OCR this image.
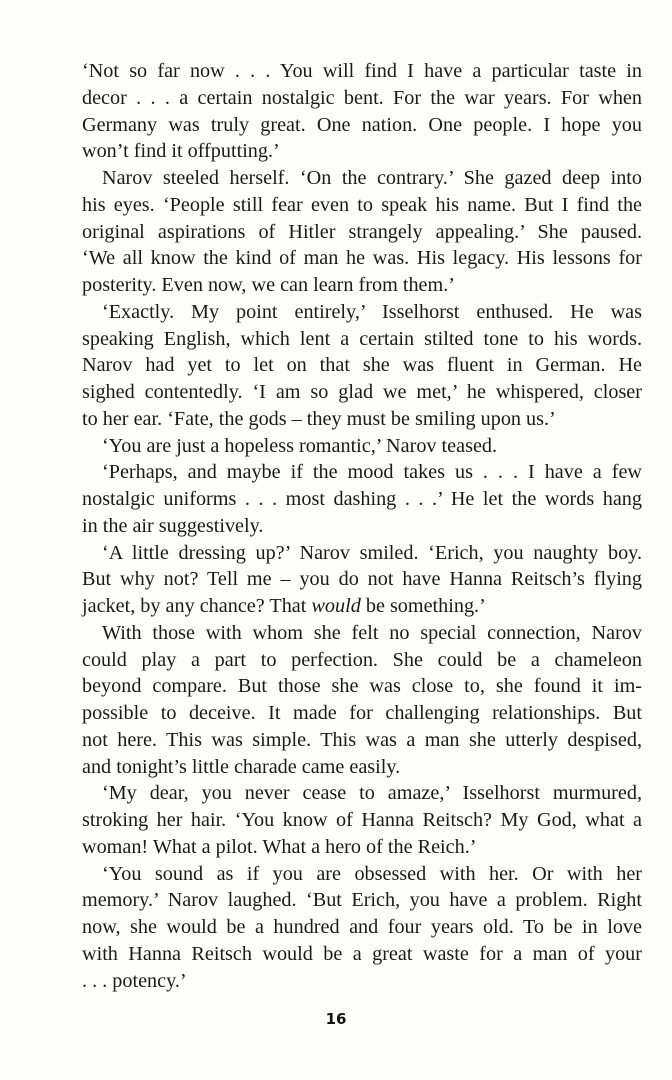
‘Not so far now . . . You will find I have a particular taste in
decor . . . a certain nostalgic bent. For the war years. For when
Germany was truly great. One nation. One people. I hope you
won’t find it offputting.’
Narov steeled herself. ‘On the contrary.’ She gazed deep into
his eyes. ‘People still fear even to speak his name. But I find the
original aspirations of Hitler strangely appealing.’ She paused.
‘We all know the kind of man he was. His legacy. His lessons for
posterity. Even now, we can learn from them.’
‘Exactly. My point entirely,’ Isselhorst enthused. He was
speaking English, which lent a certain stilted tone to his words.
Narov had yet to let on that she was fluent in German. He
sighed contentedly. ‘I am so glad we met,’ he whispered, closer
to her ear. ‘Fate, the gods – they must be smiling upon us.’
‘You are just a hopeless romantic,’ Narov teased.
‘Perhaps, and maybe if the mood takes us . . . I have a few
nostalgic uniforms . . . most dashing . . .’ He let the words hang
in the air suggestively.
‘A little dressing up?’ Narov smiled. ‘Erich, you naughty boy.
But why not? Tell me – you do not have Hanna Reitsch’s flying
jacket, by any chance? That would be something.’
With those with whom she felt no special connection, Narov
could play a part to perfection. She could be a chameleon
beyond compare. But those she was close to, she found it im-
possible to deceive. It made for challenging relationships. But
not here. This was simple. This was a man she utterly despised,
and tonight’s little charade came easily.
‘My dear, you never cease to amaze,’ Isselhorst murmured,
stroking her hair. ‘You know of Hanna Reitsch? My God, what a
woman! What a pilot. What a hero of the Reich.’
‘You sound as if you are obsessed with her. Or with her
memory.’ Narov laughed. ‘But Erich, you have a problem. Right
now, she would be a hundred and four years old. To be in love
with Hanna Reitsch would be a great waste for a man of your
. . . potency.’
16
